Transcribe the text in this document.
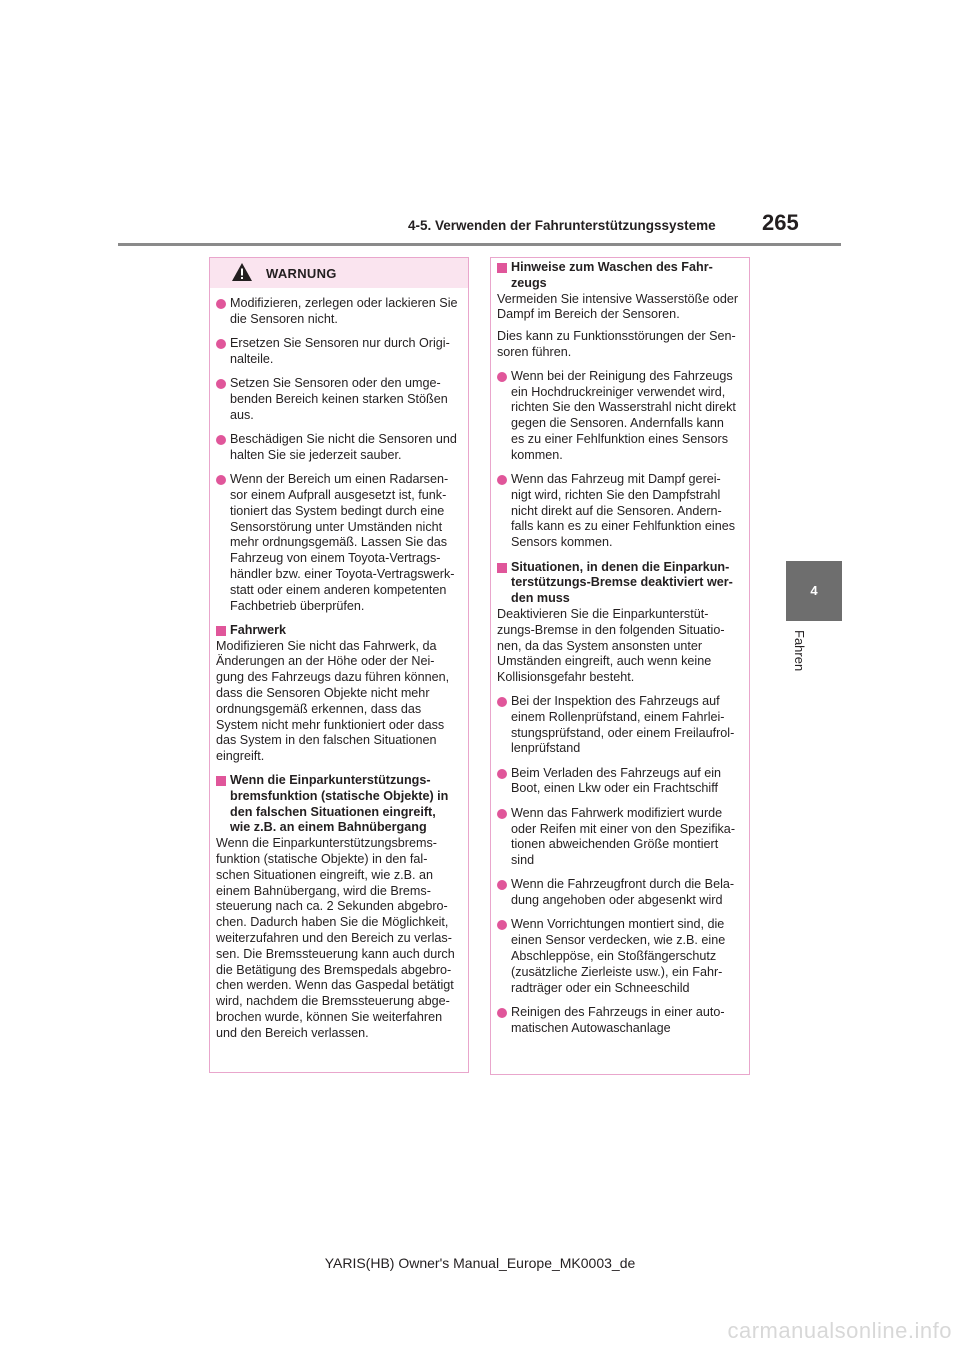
4-5. Verwenden der Fahrunterstützungssysteme 265
4
Fahren
WARNUNG
Modifizieren, zerlegen oder lackieren Sie die Sensoren nicht.
Ersetzen Sie Sensoren nur durch Origi-nalteile.
Setzen Sie Sensoren oder den umge-benden Bereich keinen starken Stößen aus.
Beschädigen Sie nicht die Sensoren und halten Sie sie jederzeit sauber.
Wenn der Bereich um einen Radarsen-sor einem Aufprall ausgesetzt ist, funk-tioniert das System bedingt durch eine Sensorstörung unter Umständen nicht mehr ordnungsgemäß. Lassen Sie das Fahrzeug von einem Toyota-Vertrags-händler bzw. einer Toyota-Vertragswerk-statt oder einem anderen kompetenten Fachbetrieb überprüfen.
Fahrwerk
Modifizieren Sie nicht das Fahrwerk, da Änderungen an der Höhe oder der Nei-gung des Fahrzeugs dazu führen können, dass die Sensoren Objekte nicht mehr ordnungsgemäß erkennen, dass das System nicht mehr funktioniert oder dass das System in den falschen Situationen eingreift.
Wenn die Einparkunterstützungs-bremsfunktion (statische Objekte) in den falschen Situationen eingreift, wie z.B. an einem Bahnübergang
Wenn die Einparkunterstützungsbrems-funktion (statische Objekte) in den fal-schen Situationen eingreift, wie z.B. an einem Bahnübergang, wird die Brems-steuerung nach ca. 2 Sekunden abgebro-chen. Dadurch haben Sie die Möglichkeit, weiterzufahren und den Bereich zu verlas-sen. Die Bremssteuerung kann auch durch die Betätigung des Bremspedals abgebro-chen werden. Wenn das Gaspedal betätigt wird, nachdem die Bremssteuerung abge-brochen wurde, können Sie weiterfahren und den Bereich verlassen.
Hinweise zum Waschen des Fahr-zeugs
Vermeiden Sie intensive Wasserstöße oder Dampf im Bereich der Sensoren.
Dies kann zu Funktionsstörungen der Sen-soren führen.
Wenn bei der Reinigung des Fahrzeugs ein Hochdruckreiniger verwendet wird, richten Sie den Wasserstrahl nicht direkt gegen die Sensoren. Andernfalls kann es zu einer Fehlfunktion eines Sensors kommen.
Wenn das Fahrzeug mit Dampf gerei-nigt wird, richten Sie den Dampfstrahl nicht direkt auf die Sensoren. Andern-falls kann es zu einer Fehlfunktion eines Sensors kommen.
Situationen, in denen die Einparkun-terstützungs-Bremse deaktiviert wer-den muss
Deaktivieren Sie die Einparkunterstüt-zungs-Bremse in den folgenden Situatio-nen, da das System ansonsten unter Umständen eingreift, auch wenn keine Kollisionsgefahr besteht.
Bei der Inspektion des Fahrzeugs auf einem Rollenprüfstand, einem Fahrlei-stungsprüfstand, oder einem Freilaufrol-lenprüfstand
Beim Verladen des Fahrzeugs auf ein Boot, einen Lkw oder ein Frachtschiff
Wenn das Fahrwerk modifiziert wurde oder Reifen mit einer von den Spezifika-tionen abweichenden Größe montiert sind
Wenn die Fahrzeugfront durch die Bela-dung angehoben oder abgesenkt wird
Wenn Vorrichtungen montiert sind, die einen Sensor verdecken, wie z.B. eine Abschleppöse, ein Stoßfängerschutz (zusätzliche Zierleiste usw.), ein Fahr-radträger oder ein Schneeschild
Reinigen des Fahrzeugs in einer auto-matischen Autowaschanlage
YARIS(HB) Owner's Manual_Europe_MK0003_de
carmanualsonline.info
